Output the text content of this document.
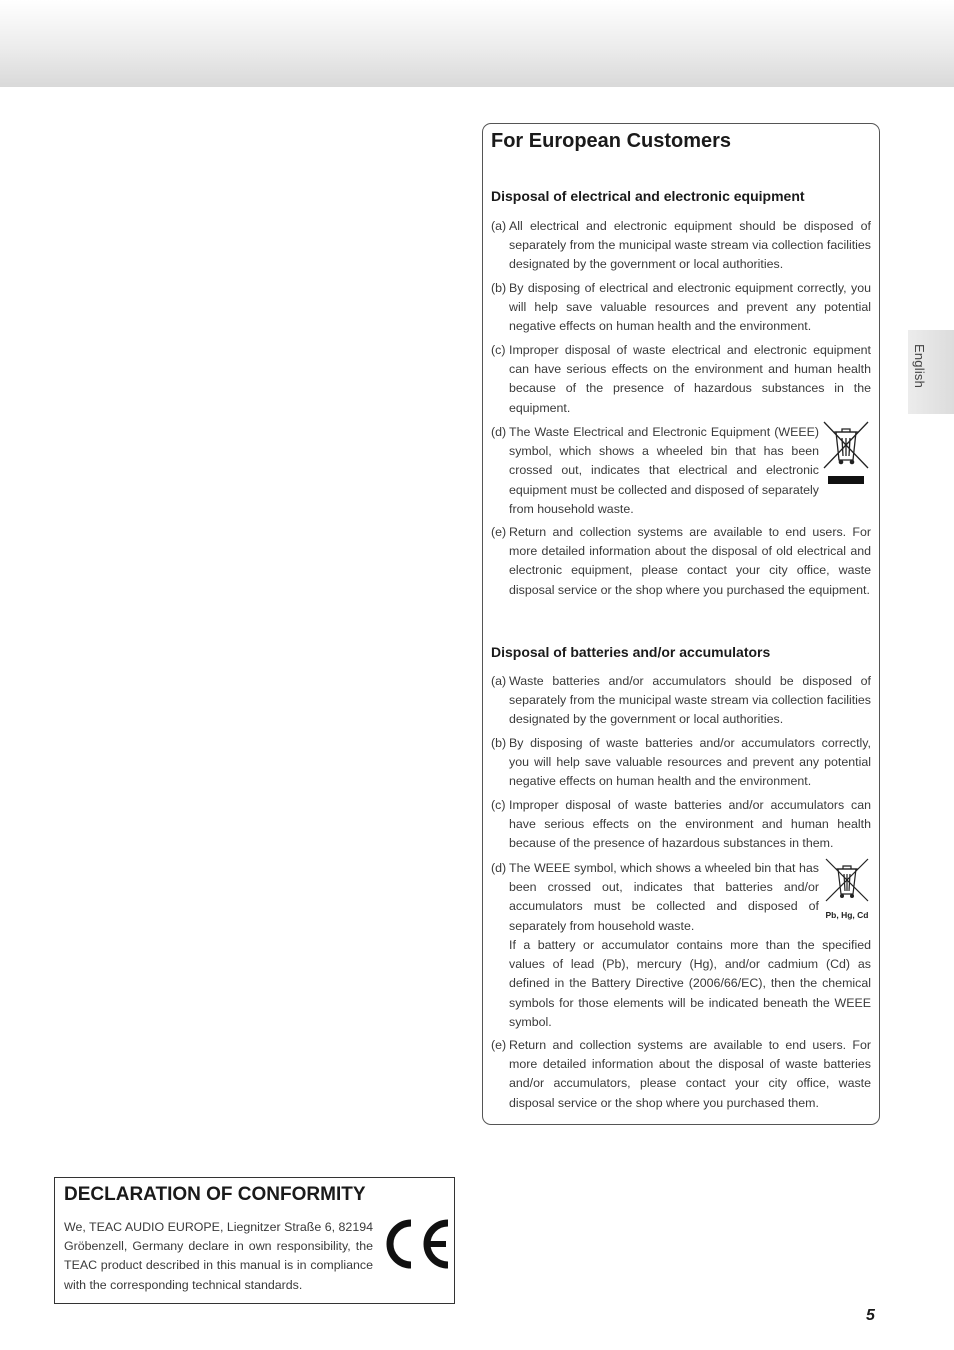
English
For European Customers
Disposal of electrical and electronic equipment
(a) All electrical and electronic equipment should be disposed of separately from the municipal waste stream via collection facilities designated by the government or local authorities.
(b) By disposing of electrical and electronic equipment correctly, you will help save valuable resources and prevent any potential negative effects on human health and the environment.
(c) Improper disposal of waste electrical and electronic equipment can have serious effects on the environment and human health because of the presence of hazardous substances in the equipment.
(d) The Waste Electrical and Electronic Equipment (WEEE) symbol, which shows a wheeled bin that has been crossed out, indicates that electrical and electronic equipment must be collected and disposed of separately from household waste.
(e) Return and collection systems are available to end users. For more detailed information about the disposal of old electrical and electronic equipment, please contact your city office, waste disposal service or the shop where you purchased the equipment.
Disposal of batteries and/or accumulators
(a) Waste batteries and/or accumulators should be disposed of separately from the municipal waste stream via collection facilities designated by the government or local authorities.
(b) By disposing of waste batteries and/or accumulators correctly, you will help save valuable resources and prevent any potential negative effects on human health and the environment.
(c) Improper disposal of waste batteries and/or accumulators can have serious effects on the environment and human health because of the presence of hazardous substances in them.
(d) The WEEE symbol, which shows a wheeled bin that has been crossed out, indicates that batteries and/or accumulators must be collected and disposed of separately from household waste.
Pb, Hg, Cd
If a battery or accumulator contains more than the specified values of lead (Pb), mercury (Hg), and/or cadmium (Cd) as defined in the Battery Directive (2006/66/EC), then the chemical symbols for those elements will be indicated beneath the WEEE symbol.
(e) Return and collection systems are available to end users. For more detailed information about the disposal of waste batteries and/or accumulators, please contact your city office, waste disposal service or the shop where you purchased them.
DECLARATION OF CONFORMITY

We, TEAC AUDIO EUROPE, Liegnitzer Straße 6, 82194 Gröbenzell, Germany declare in own responsibility, the TEAC product described in this manual is in compliance with the corresponding technical standards.

5
